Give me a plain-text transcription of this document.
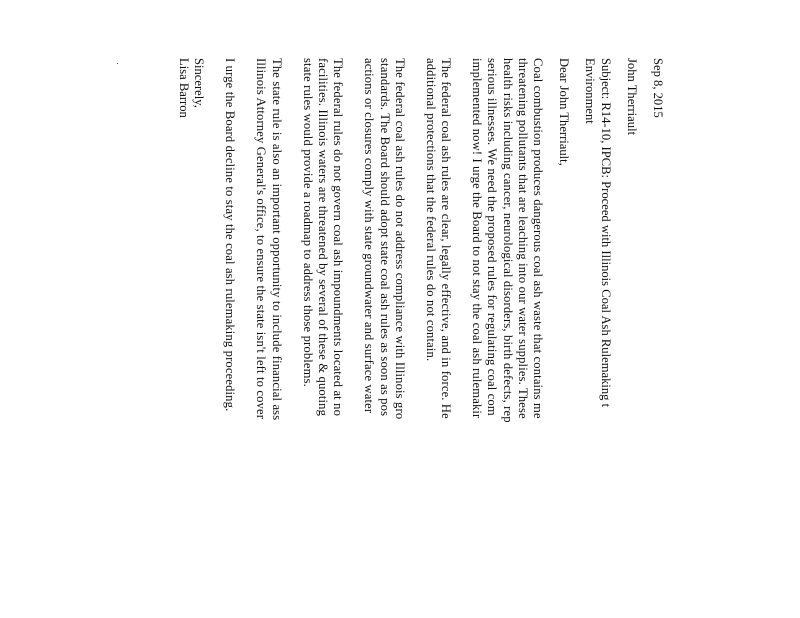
Sep 8, 2015
John Therriault
Subject: R14-10, IPCB: Proceed with Illinois Coal Ash Rulemaking t
Environment
Dear John Therriault,
Coal combustion produces dangerous coal ash waste that contains me
threatening pollutants that are leaching into our water supplies. These
health risks including cancer, neurological disorders, birth defects, rep
serious illnesses. We need the proposed rules for regulating coal com
implemented now! I urge the Board to not stay the coal ash rulemakir
The federal coal ash rules are clear, legally effective, and in force. He
additional protections that the federal rules do not contain.
The federal coal ash rules do not address compliance with Illinois gro
standards. The Board should adopt state coal ash rules as soon as pos
actions or closures comply with state groundwater and surface water
The federal rules do not govern coal ash impoundments located at no
facilities. Illinois waters are threatened by several of these & quoting
state rules would provide a roadmap to address those problems.
The state rule is also an important opportunity to include financial ass
Illinois Attorney General's office, to ensure the state isn't left to cover
I urge the Board decline to stay the coal ash rulemaking proceeding.
Sincerely,
Lisa Barron
